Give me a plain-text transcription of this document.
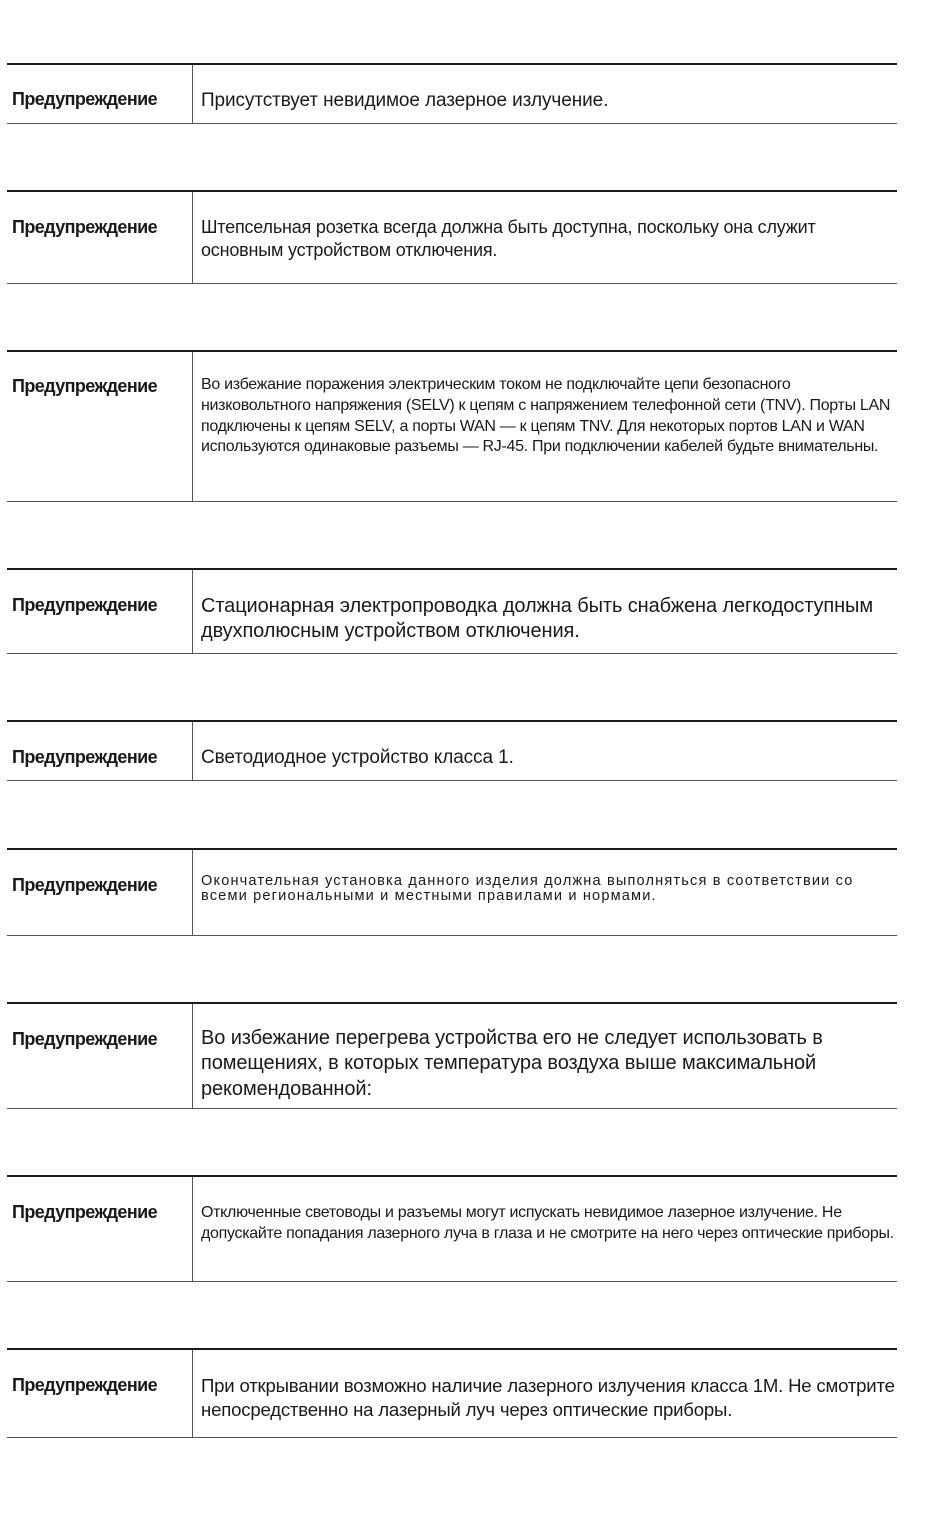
Предупреждение	Присутствует невидимое лазерное излучение.
Предупреждение	Штепсельная розетка всегда должна быть доступна, поскольку она служит основным устройством отключения.
Предупреждение	Во избежание поражения электрическим током не подключайте цепи безопасного низковольтного напряжения (SELV) к цепям с напряжением телефонной сети (TNV). Порты LAN подключены к цепям SELV, а порты WAN — к цепям TNV. Для некоторых портов LAN и WAN используются одинаковые разъемы — RJ-45. При подключении кабелей будьте внимательны.
Предупреждение	Стационарная электропроводка должна быть снабжена легкодоступным двухполюсным устройством отключения.
Предупреждение	Светодиодное устройство класса 1.
Предупреждение	Окончательная установка данного изделия должна выполняться в соответствии со всеми региональными и местными правилами и нормами.
Предупреждение	Во избежание перегрева устройства его не следует использовать в помещениях, в которых температура воздуха выше максимальной рекомендованной:
Предупреждение	Отключенные световоды и разъемы могут испускать невидимое лазерное излучение. Не допускайте попадания лазерного луча в глаза и не смотрите на него через оптические приборы.
Предупреждение	При открывании возможно наличие лазерного излучения класса 1М. Не смотрите непосредственно на лазерный луч через оптические приборы.
